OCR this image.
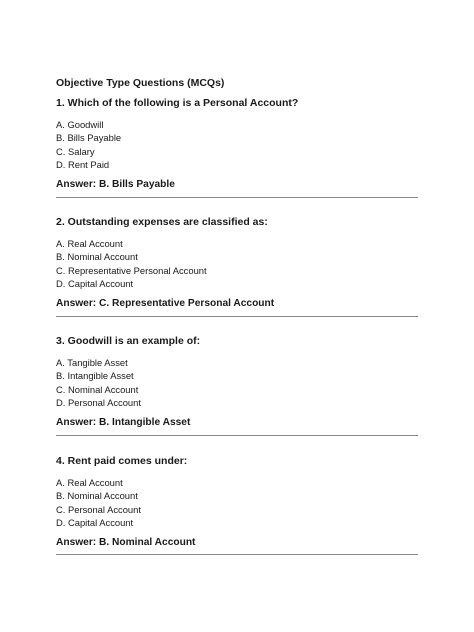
Objective Type Questions (MCQs)
1. Which of the following is a Personal Account?
A. Goodwill
B. Bills Payable
C. Salary
D. Rent Paid
Answer: B. Bills Payable
2. Outstanding expenses are classified as:
A. Real Account
B. Nominal Account
C. Representative Personal Account
D. Capital Account
Answer: C. Representative Personal Account
3. Goodwill is an example of:
A. Tangible Asset
B. Intangible Asset
C. Nominal Account
D. Personal Account
Answer: B. Intangible Asset
4. Rent paid comes under:
A. Real Account
B. Nominal Account
C. Personal Account
D. Capital Account
Answer: B. Nominal Account
